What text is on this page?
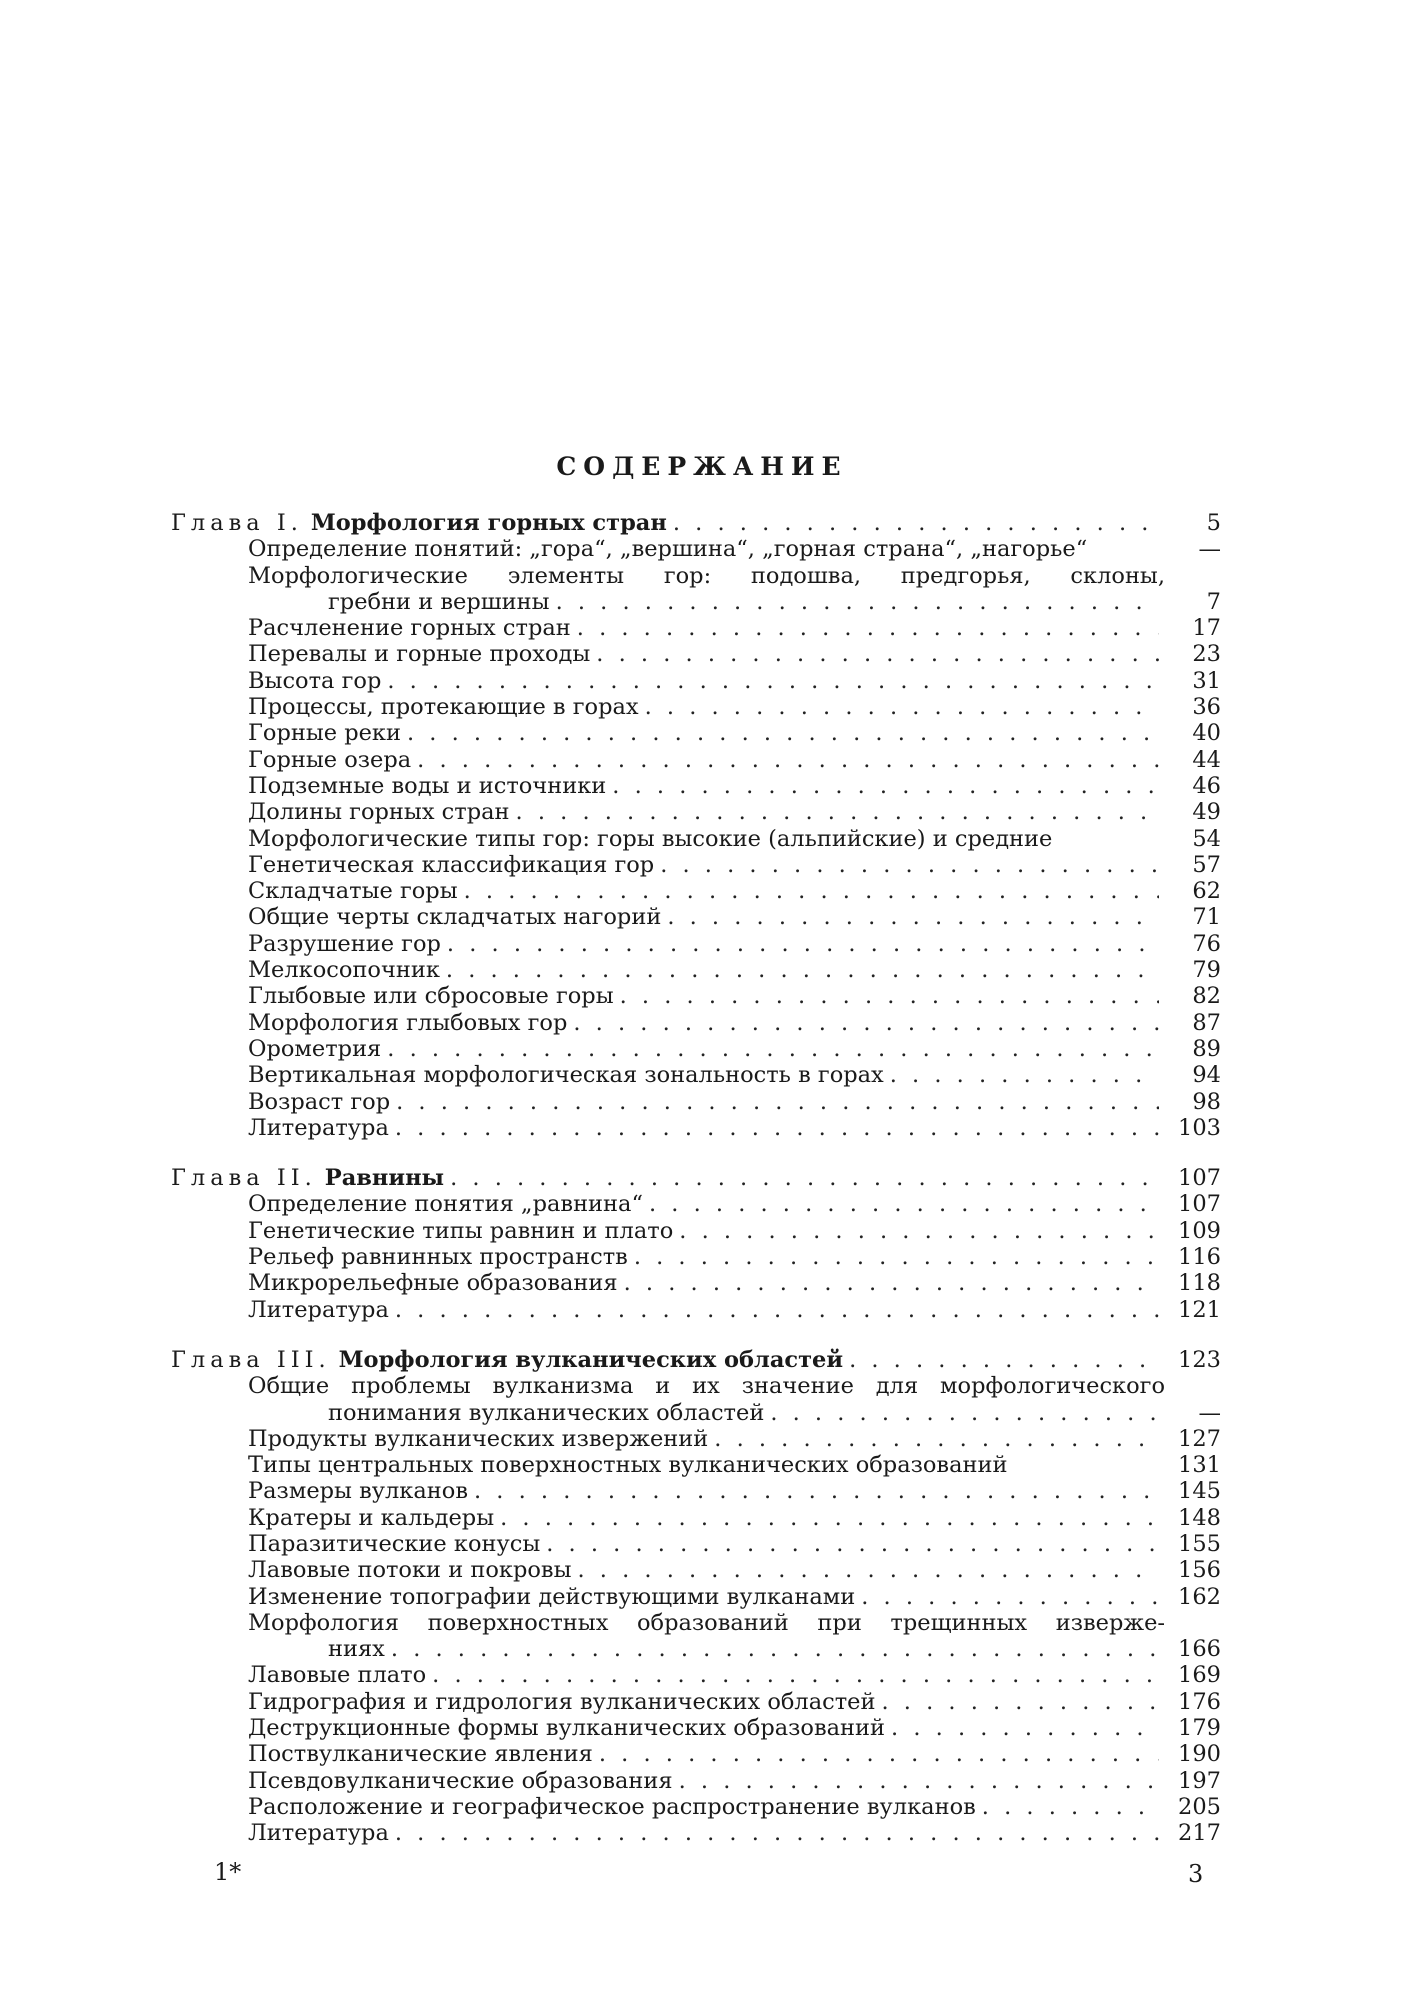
СОДЕРЖАНИЕ
Глава I. Морфология горных стран . . .	5
Определение понятий: „гора“, „вершина“, „горная страна“, „нагорье“	—
Морфологические элементы гор: подошва, предгорья, склоны,
гребни и вершины . . .	7
Расчленение горных стран . . .	17
Перевалы и горные проходы . . .	23
Высота гор . . .	31
Процессы, протекающие в горах . . .	36
Горные реки . . .	40
Горные озера . . .	44
Подземные воды и источники . . .	46
Долины горных стран . . .	49
Морфологические типы гор: горы высокие (альпийские) и средние	54
Генетическая классификация гор . . .	57
Складчатые горы . . .	62
Общие черты складчатых нагорий . . .	71
Разрушение гор . . .	76
Мелкосопочник . . .	79
Глыбовые или сбросовые горы . . .	82
Морфология глыбовых гор . . .	87
Орометрия . . .	89
Вертикальная морфологическая зональность в горах . . .	94
Возраст гор . . .	98
Литература . . .	103
Глава II. Равнины . . .	107
Определение понятия „равнина“ . . .	107
Генетические типы равнин и плато . . .	109
Рельеф равнинных пространств . . .	116
Микрорельефные образования . . .	118
Литература . . .	121
Глава III. Морфология вулканических областей . . .	123
Общие проблемы вулканизма и их значение для морфологического
понимания вулканических областей . . .	—
Продукты вулканических извержений . . .	127
Типы центральных поверхностных вулканических образований	131
Размеры вулканов . . .	145
Кратеры и кальдеры . . .	148
Паразитические конусы . . .	155
Лавовые потоки и покровы . . .	156
Изменение топографии действующими вулканами . . .	162
Морфология поверхностных образований при трещинных изверже-
ниях . . .	166
Лавовые плато . . .	169
Гидрография и гидрология вулканических областей . . .	176
Деструкционные формы вулканических образований . . .	179
Поствулканические явления . . .	190
Псевдовулканические образования . . .	197
Расположение и географическое распространение вулканов . . .	205
Литература . . .	217
1*	3
